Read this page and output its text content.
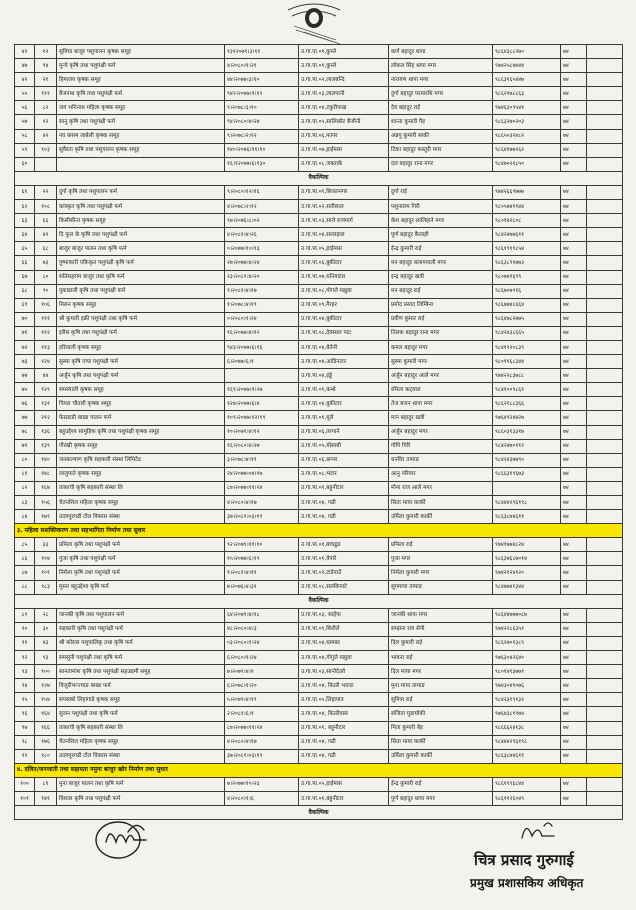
४२	१२	सुविधा बाजुर पशुपालन कृषक समूह	१३१२०७१।३।१२	उ.गा.पा.०१,कुम्ले	कर्ण बहादुर थापा	९८६४३८८२७०	७४	
४७	९४	मुन्चे कृषि तथा पशुपंक्षी फर्म	४।२०८०।१।२१	उ.गा.पा.०१,कुम्ले	लोकल सिंह थापा मगर	९७४२५८४७४४	७४	
४२	२१	हिमालय कृषक समूह	४४।२०७७।३।१०	उ.गा.पा.०२,लालबन्दि	नारायण थापा मगर	९८६३१६५४४७	७४	
५५	१११	बैजनाथ कृषि तथा पशुपंक्षी फर्म	९४२।२०७७।१।१२	उ.गा.पा.०३,लालपानी	दुर्गा बहादुर परमारथि मगर	९८६२१७८८६३	७४	
५६	८२	जय भगिनाथ महिला कृषक समूह	९।२०७८।३।१०	उ.गा.पा.०४,टकुरीपाख	देव बहादुर राई	९७४६३०९५४१	७४	
५७	१२	सानु कृषि तथा पशुपंक्षी फर्म	९४।२०८०।४।२४	उ.गा.पा.०५,सालिकोट बैजीनी	शान्ता कुमारी गैह	९८६३२७०२०३	७४	
५८	४२	नव कसम लाबेली कृषक समूह	९।२०७८।२।१२	उ.गा.पा.०६,फापर	अन्नपु कुमारी साकी	९८६५०३२४८२	७४	
५९	१०३	सुवैरता कृषि तथा पशुपालन कृषक समूह	१४०।२०७६।११।१०	उ.गा.पा.०७,हाईमास	टिका बहादुर कस्तुरी मगर	९८६४१७७२६२	७४	
६०			१६।१२०७७।६।१३०	उ.गा.पा.०८,जक्ताके	दल बहादुर राना मगर	९८४७०२१८५०	७४	
वैकल्पिक								
६१	२२	दुर्गा कृषि तथा पशुपालन फर्म	९।२०८०।१२।१६	उ.गा.पा.०१,बिजलनगर	दुर्गा राई	९७४२६६९७७७	७४	
६२	१०८	कांस्कृत कृषि तथा पशुपंक्षी फर्म	४।२०७८।२।१२	उ.गा.पा.०२,सतीसाल	पशुनाराम गिरी	९८०५७४११४४	७४	
६३	६६	किसीसीन्त कृषक समूह	९७।२०७६।८।०२	उ.गा.पा.०३,सारो राजमार्ग	केश बहादुर लालिहाने मगर	९८०१४२८०८	७४	
६४	४२	दि फूल के कृषि तथा पशुपंक्षी फर्म	४।२०८१।४।२६	उ.गा.पा.०४,सल्लहाल	पूर्ण बहादुर कैलाही	९८४२४७७६११	७४	
६५	६८	बाजुर बाजुर पालन तथा कृषि फर्म	०।२०७७।१०।१३	उ.गा.पा.०५,हाईमास	ईन्द्र कुमारी राई	९८६१९१९८५४	७४	
६६	७३	पुष्पाकारी एकिकृत पशुपंक्षी कृषि फर्म	२७।२०७७।४।२४	उ.गा.पा.०६,बुकीटार	मन बहादुर बलामपाली मगर	९८६३८९१७७३	७४	
६७	८०	सतिसहराम बाजुर तथा कृषि फर्म	२३।२०८१।४।२०	उ.गा.पा.०७,धनियाटार	इन्द्र बहादुर खत्री	९८०७४१६९९	७४	
६८	९०	पुकाडाली कृषि तथा पशुपंक्षी फर्म	१।२०८१।४।१७	उ.गा.पा.०८,गोगले मझुवा	मन बहादुर राई	९८६७०७९१६	७४	
६९	१०६	मिलन कृषक समूह	१।२०७८।४।१९	उ.गा.पा.०९,गैरहर	प्रमोद प्रसाद लिम्बिना	९८६७७४८६६४	७४	
७०	१११	श्री कुमली इक्री पशुपंक्षी तथा कृषि फर्म	०।२०८०।१।२४	उ.गा.पा.०४,बुकीटार	प्रवीण कुमार राई	९८६४७८२७७५	७४	
७१	११२	इरीस कृषि तथा पशुपंक्षी फर्म	१६।२०७७।४।१२	उ.गा.पा.०८,देवस्थल पाट	तिलक बहादुर राना मगर	९८४२४३८६६५	७४	
७२	११३	हरियाली कृषक समूह	९४३।२०७७।६।१६	उ.गा.पा.०४,बेतेनी	कमल बहादुर मगर	९८४१९२०८३९	७४	
७३	१२४	सुस्मा कृषि एण्ड पशुपंक्षी फर्म	६।२०७७।६।१	उ.गा.पा.०४,आडिनटार	सुस्मा कुमारी मगर	९८०११६८३४४	७४	
७४	४४	अर्जुन कृषि तथा पशुपंक्षी फर्म		उ.गा.पा.०४,इड्डे	अर्जुन बहादुर आले मगर	९७४२२८३७८८	७४	
७५	१२९	समस्याली कृषक समूह	१६९।२०७७।१।२७	उ.गा.पा.०१,कन्थे	रमिला कट्वाल	९८४१००९८६१	७४	
७६	१३१	पिपल चौतारी कृषक समूह	१२७।२०७७।६।४	उ.गा.पा.०४,बुकीटार	तेज बजन थापा मगर	९८६२१८८३६६	७४	
७७	२१२	फेसडाडी बाखा पालन फर्म	१०९।२०७७।१२।१९	उ.गा.पा.०१,मुले	मान बहादुर खत्री	९७६४९२४४२७	७४	
७८	१३६	बहुउद्देश्य सामुहिक कृषि तथा पशुपंक्षी कृषक समूह	१०।२०७९।४।१२	उ.गा.पा.०६,तरपाने	अर्जुन बहादुर मगर	९८६०३१३३१७	७४	
७९	१३९	गौरखी कृषक समूह	१६।२०८०।४।२७	उ.गा.पा.०५,मोसाबी	गोपि गिरि	९८४२४७०११२	७४	
८०	१४०	जनकल्याण कृषि सहकारी संस्था लिमिटेड	३।२०७८।४।११	उ.गा.पा.०६,छन्पर	धनविर तामाङ	९८४२४३७७९०	७४	
८१	१४८	लालुपाते कृषक समूह	२४।२०७७।०४।१७	उ.गा.पा.०८,भंटार	आनु परियार	९८६६३१९६७३	७४	
८२	१६७	ताकाची कृषि सहकारी संस्था लि	८७।२०७७।११।२४	उ.गा.पा.०१,बहुनीटार	मोना राज आले मगर		७४	
८३	१५६	चेतनशिल महिला कृषक समूह	४।२०८०।४।१७	उ.गा.पा.०४, गढी	सिता माया कार्की	९८४४४२९६१९८	७४	
८४	१७९	उदयपुरगढी टोल विकास संस्था	३७।२०८१।०३।१९	उ.गा.पा.०४, गढी	उर्मिला कुमारी कार्की	९८६३८७४६११	७४	
३. महिला सशक्तिकरण तथा सहभागिता निर्माण तथा सुधार								
८५	३३	प्रमिला कृषि तथा पशुपंक्षी फर्म	९२।२०७९।११।१०	उ.गा.पा.०१,बाघडुङ	प्रमिला राई	९७४१७७४८२४	७४	
८६	१०४	पुजा कृषि तथा पशुपंक्षी फर्म	१५।२०७७।६।१९	उ.गा.पा.०१,वेपारे	पुजा मगर	९८६३७६८७०१४	७४	
८७	१०१	निर्मला कृषि तथा पशुपंक्षी फर्म	१।२०८१।४।११	उ.गा.पा.०२,टाडेपाउँ	निर्मला कुमारी मगर	९७४२१२४१२०	७४	
८८	१८३	मुस्ना बहुउद्देश्य कृषि फर्म	७।२०७६।४।३१	उ.गा.पा.०८,सलकिपाटे	सुगमाया तामाङ	९८४७७४१३४४	७४	
वैकल्पिक								
८९	२८	जानकी कृषि तथा पशुपालन फर्म	६४।२०७९।४।१८	उ.गा.पा.०३, साहेपा	जानकी थापा मगर	९८६४४७७७०८७	७४	
९०	३०	सहकारी कृषि तथा पशुपंक्षी फर्म	४८।२०८०।४।३	उ.गा.पा.०१,किरौले	सम्झना राय सेपी	९७४२२८६३५१	७४	
९१	४३	श्री कोरास पशुपालिकृ तथा कृषि फर्म	०३।२०८०।१।२४	उ.गा.पा.०४,धामबर	दिल कुमारी राई	९८६२७०१३८९	७४	
९२	९३	समसुनी पशुपंक्षी तथा कृषि फर्म	६।२०८०।१।२४	उ.गा.पा.०४,गोगुले मझुवा	भावना राई	९७६३०४२६४०	७४	
९३	१००	सानतामांश कृषि तथा पशुपंक्षी सहउद्यमी समूह	७।२०७९।४।१	उ.गा.पा.०३,सानोदेउवे	दिल माया मगर	९८०१४१३७७१	७४	
९४	१२७	विजुरीभन्ज्याङ बाखा फर्म	६।२०७८।१।२०	उ.गा.पा.०४, बिउरी भयाङ	मुना माया तामाङ	९७४३०४१०७६	७४	
९५	१५४	सपसको लिहागाडे कृषक समूह	५।२०७९।४।१९	उ.गा.पा.०५,लिहापात	सुमित्रा राई	९८४२३१९१३२	७४	
९६	१६४	सुजन पशुपंक्षी तथा कृषि फर्म	२।२०८१।६।१	उ.गा.पा.०४, बिउरीवास	संजिता मुडाघोकी	९७६४३८१९७४	७४	
९७	१६६	ताकाची कृषि सहकारी संस्था लि	८७।२०७७।११।२४	उ.गा.पा.०१, बहुनीटार	मिता कुमारी बेह	९८६६६२४१३८	७४	
९८	१७६	चेतनशिल महिला कृषक समूह	४।२०८०।४।१७	उ.गा.पा.०४, गढी	सिता माया कार्की	९८४४४२९६१९८	७४	
९९	१८०	उदयपुरगढी टोल विकास संस्था	३७।२०८१।०३।१९	उ.गा.पा.०४, गढी	उर्मिला कुमारी कार्की	९८६३८७४६११	७४	
४. दलित/जनजाती तथा सहायता नमुना बाजुर खोर निर्माण तथा सुधार								
१००	८९	मुना बाजुर पालन तथा कृषि फर्म	७।२०७७।१०।२३	उ.गा.पा.०५,हाईमास	ईन्द्र कुमारी राई	९८६११९६८४४	७४	
१०१	१४१	विशाल कृषि तथा पशुपंक्षी फर्म	४।२०८०।१।६	उ.गा.पा.०१,बहुनीटार	पुर्ण बहादुर थापा मगर	९८६११२६०४९	७४	
वैकल्पिक								
चित्र प्रसाद गुरुगाई
प्रमुख प्रशासकिय अधिकृत
